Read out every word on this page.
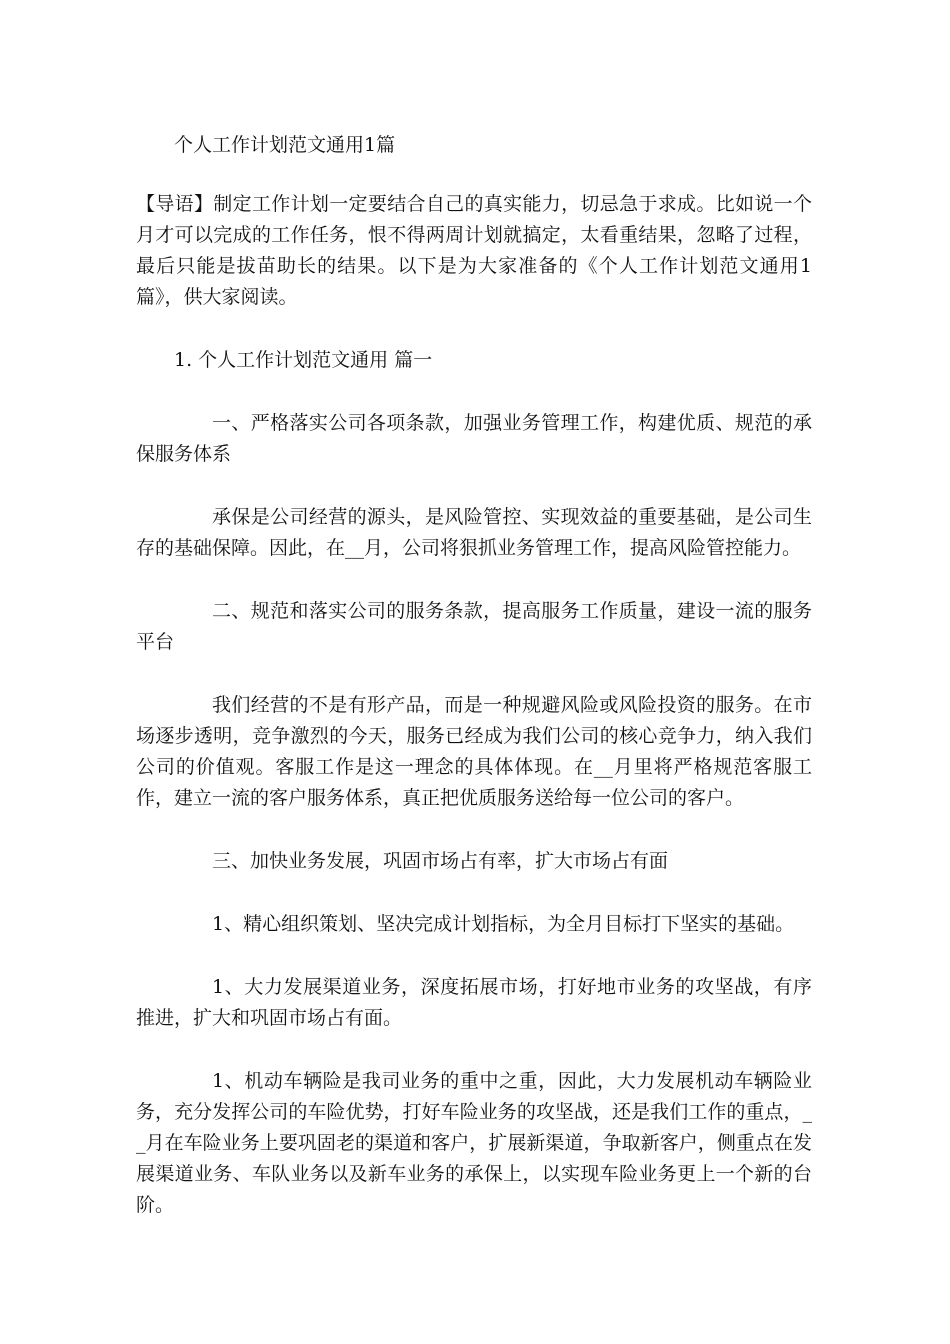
个人工作计划范文通用1篇

【导语】制定工作计划一定要结合自己的真实能力，切忌急于求成。比如说一个月才可以完成的工作任务，恨不得两周计划就搞定，太看重结果，忽略了过程，最后只能是拔苗助长的结果。以下是为大家准备的《个人工作计划范文通用1篇》，供大家阅读。

1. 个人工作计划范文通用 篇一

一、严格落实公司各项条款，加强业务管理工作，构建优质、规范的承保服务体系

承保是公司经营的源头，是风险管控、实现效益的重要基础，是公司生存的基础保障。因此，在__月，公司将狠抓业务管理工作，提高风险管控能力。

二、规范和落实公司的服务条款，提高服务工作质量，建设一流的服务平台

我们经营的不是有形产品，而是一种规避风险或风险投资的服务。在市场逐步透明，竞争激烈的今天，服务已经成为我们公司的核心竞争力，纳入我们公司的价值观。客服工作是这一理念的具体体现。在__月里将严格规范客服工作，建立一流的客户服务体系，真正把优质服务送给每一位公司的客户。

三、加快业务发展，巩固市场占有率，扩大市场占有面

1、精心组织策划、坚决完成计划指标，为全月目标打下坚实的基础。

1、大力发展渠道业务，深度拓展市场，打好地市业务的攻坚战，有序推进，扩大和巩固市场占有面。

1、机动车辆险是我司业务的重中之重，因此，大力发展机动车辆险业务，充分发挥公司的车险优势，打好车险业务的攻坚战，还是我们工作的重点，__月在车险业务上要巩固老的渠道和客户，扩展新渠道，争取新客户，侧重点在发展渠道业务、车队业务以及新车业务的承保上，以实现车险业务更上一个新的台阶。
